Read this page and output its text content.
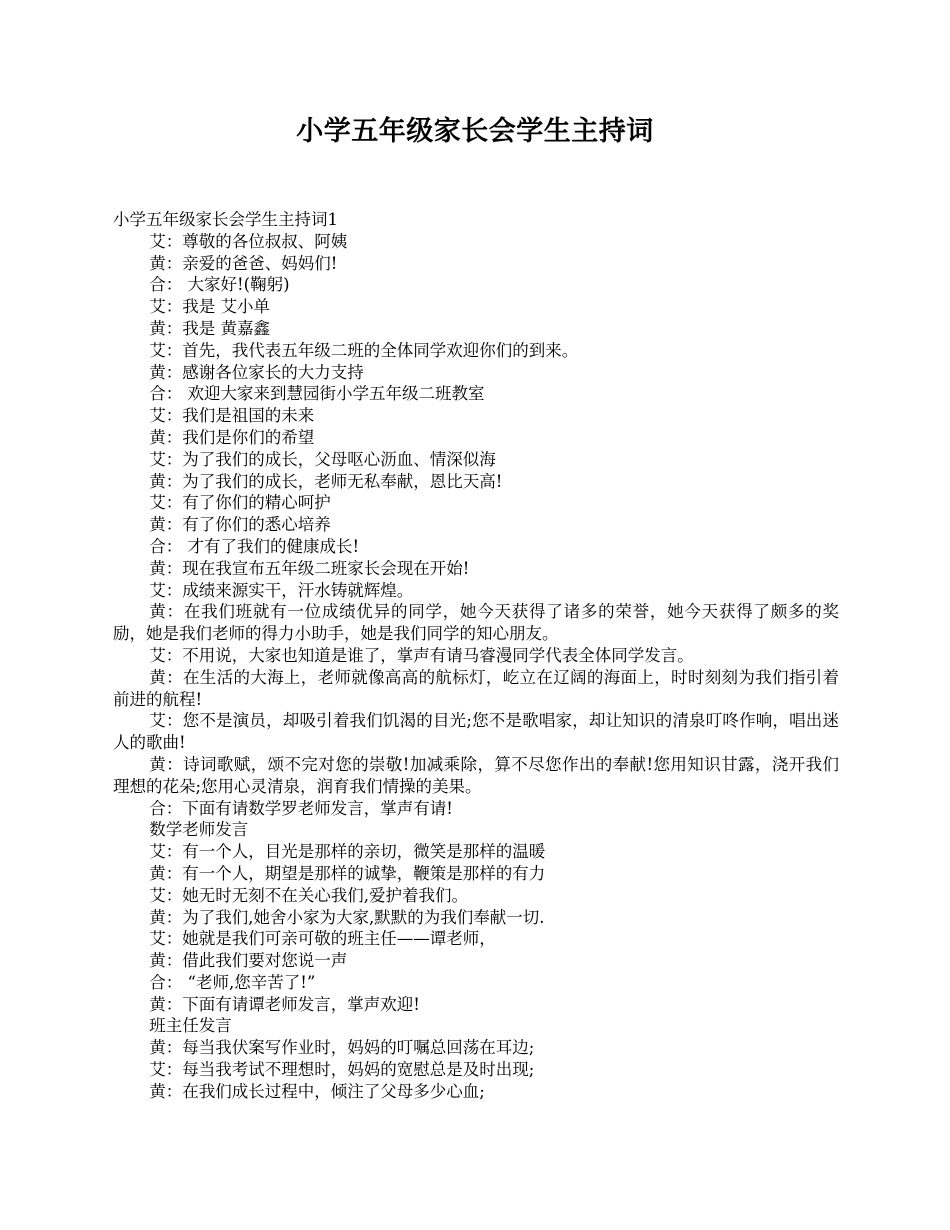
小学五年级家长会学生主持词

小学五年级家长会学生主持词1

艾：尊敬的各位叔叔、阿姨

黄：亲爱的爸爸、妈妈们!

合： 大家好!(鞠躬)

艾：我是 艾小单

黄：我是 黄嘉鑫

艾：首先，我代表五年级二班的全体同学欢迎你们的到来。

黄：感谢各位家长的大力支持

合： 欢迎大家来到慧园街小学五年级二班教室

艾：我们是祖国的未来

黄：我们是你们的希望

艾：为了我们的成长，父母呕心沥血、情深似海

黄：为了我们的成长，老师无私奉献，恩比天高!

艾：有了你们的精心呵护

黄：有了你们的悉心培养

合： 才有了我们的健康成长!

黄：现在我宣布五年级二班家长会现在开始!

艾：成绩来源实干，汗水铸就辉煌。

黄：在我们班就有一位成绩优异的同学，她今天获得了诸多的荣誉，她今天获得了颇多的奖励，她是我们老师的得力小助手，她是我们同学的知心朋友。

艾：不用说，大家也知道是谁了，掌声有请马睿漫同学代表全体同学发言。

黄：在生活的大海上，老师就像高高的航标灯，屹立在辽阔的海面上，时时刻刻为我们指引着前进的航程!

艾：您不是演员，却吸引着我们饥渴的目光;您不是歌唱家，却让知识的清泉叮咚作响，唱出迷人的歌曲!

黄：诗词歌赋，颂不完对您的崇敬!加减乘除，算不尽您作出的奉献!您用知识甘露，浇开我们理想的花朵;您用心灵清泉，润育我们情操的美果。

合：下面有请数学罗老师发言，掌声有请!

数学老师发言

艾：有一个人，目光是那样的亲切，微笑是那样的温暖

黄：有一个人，期望是那样的诚挚，鞭策是那样的有力

艾：她无时无刻不在关心我们,爱护着我们。

黄：为了我们,她舍小家为大家,默默的为我们奉献一切.

艾：她就是我们可亲可敬的班主任——谭老师，

黄：借此我们要对您说一声

合： “老师,您辛苦了!”

黄：下面有请谭老师发言，掌声欢迎!

班主任发言

黄：每当我伏案写作业时，妈妈的叮嘱总回荡在耳边;

艾：每当我考试不理想时，妈妈的宽慰总是及时出现;

黄：在我们成长过程中，倾注了父母多少心血;
